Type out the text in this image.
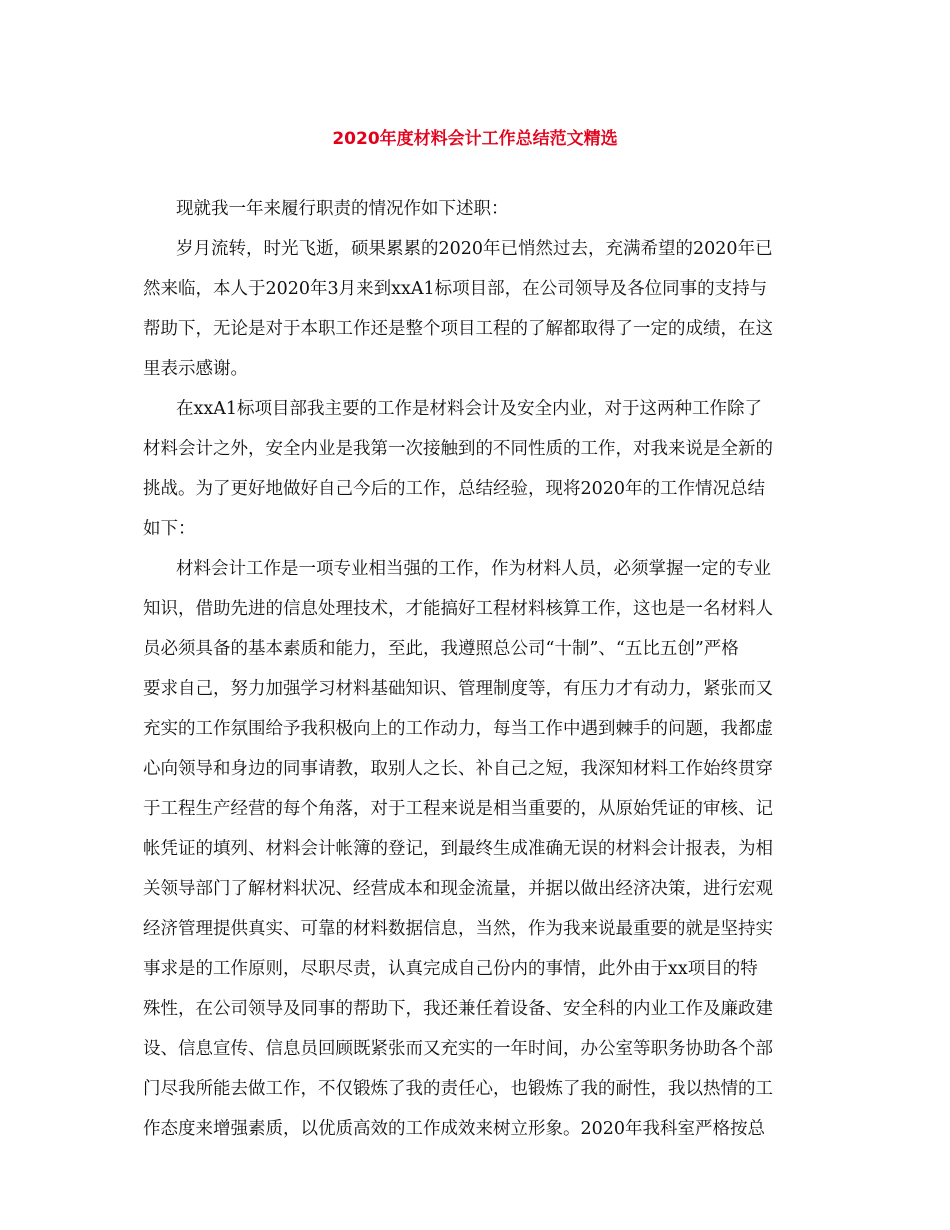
2020年度材料会计工作总结范文精选

现就我一年来履行职责的情况作如下述职：

岁月流转，时光飞逝，硕果累累的2020年已悄然过去，充满希望的2020年已

然来临，本人于2020年3月来到xxA1标项目部，在公司领导及各位同事的支持与

帮助下，无论是对于本职工作还是整个项目工程的了解都取得了一定的成绩，在这

里表示感谢。

在xxA1标项目部我主要的工作是材料会计及安全内业，对于这两种工作除了

材料会计之外，安全内业是我第一次接触到的不同性质的工作，对我来说是全新的

挑战。为了更好地做好自己今后的工作，总结经验，现将2020年的工作情况总结

如下：

材料会计工作是一项专业相当强的工作，作为材料人员，必须掌握一定的专业

知识，借助先进的信息处理技术，才能搞好工程材料核算工作，这也是一名材料人

员必须具备的基本素质和能力，至此，我遵照总公司“十制”、“五比五创”严格

要求自己，努力加强学习材料基础知识、管理制度等，有压力才有动力，紧张而又

充实的工作氛围给予我积极向上的工作动力，每当工作中遇到棘手的问题，我都虚

心向领导和身边的同事请教，取别人之长、补自己之短，我深知材料工作始终贯穿

于工程生产经营的每个角落，对于工程来说是相当重要的，从原始凭证的审核、记

帐凭证的填列、材料会计帐簿的登记，到最终生成准确无误的材料会计报表，为相

关领导部门了解材料状况、经营成本和现金流量，并据以做出经济决策，进行宏观

经济管理提供真实、可靠的材料数据信息，当然，作为我来说最重要的就是坚持实

事求是的工作原则，尽职尽责，认真完成自己份内的事情，此外由于xx项目的特

殊性，在公司领导及同事的帮助下，我还兼任着设备、安全科的内业工作及廉政建

设、信息宣传、信息员回顾既紧张而又充实的一年时间，办公室等职务协助各个部

门尽我所能去做工作，不仅锻炼了我的责任心，也锻炼了我的耐性，我以热情的工

作态度来增强素质，以优质高效的工作成效来树立形象。2020年我科室严格按总
